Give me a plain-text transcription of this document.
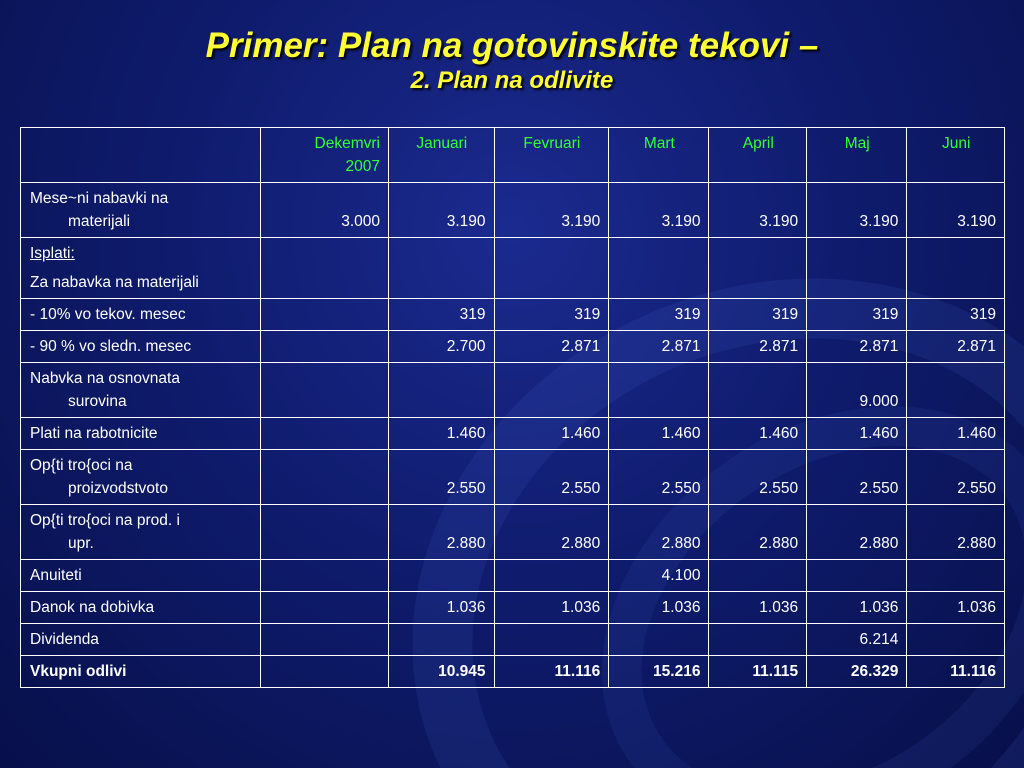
Primer: Plan na gotovinskite tekovi –
2. Plan na odlivite
	Dekemvri
2007	Januari	Fevruari	Mart	April	Maj	Juni

Mese~ni nabavki na
materijali	3.000	3.190	3.190	3.190	3.190	3.190	3.190

Isplati:
Za nabavka na materijali							

- 10% vo tekov. mesec		319	319	319	319	319	319

- 90 % vo sledn. mesec		2.700	2.871	2.871	2.871	2.871	2.871

Nabvka na osnovnata
surovina						9.000	

Plati na rabotnicite		1.460	1.460	1.460	1.460	1.460	1.460

Op{ti tro{oci na
proizvodstvoto		2.550	2.550	2.550	2.550	2.550	2.550

Op{ti tro{oci na prod. i
upr.		2.880	2.880	2.880	2.880	2.880	2.880

Anuiteti				4.100			

Danok na dobivka		1.036	1.036	1.036	1.036	1.036	1.036

Dividenda						6.214	

Vkupni odlivi		10.945	11.116	15.216	11.115	26.329	11.116
